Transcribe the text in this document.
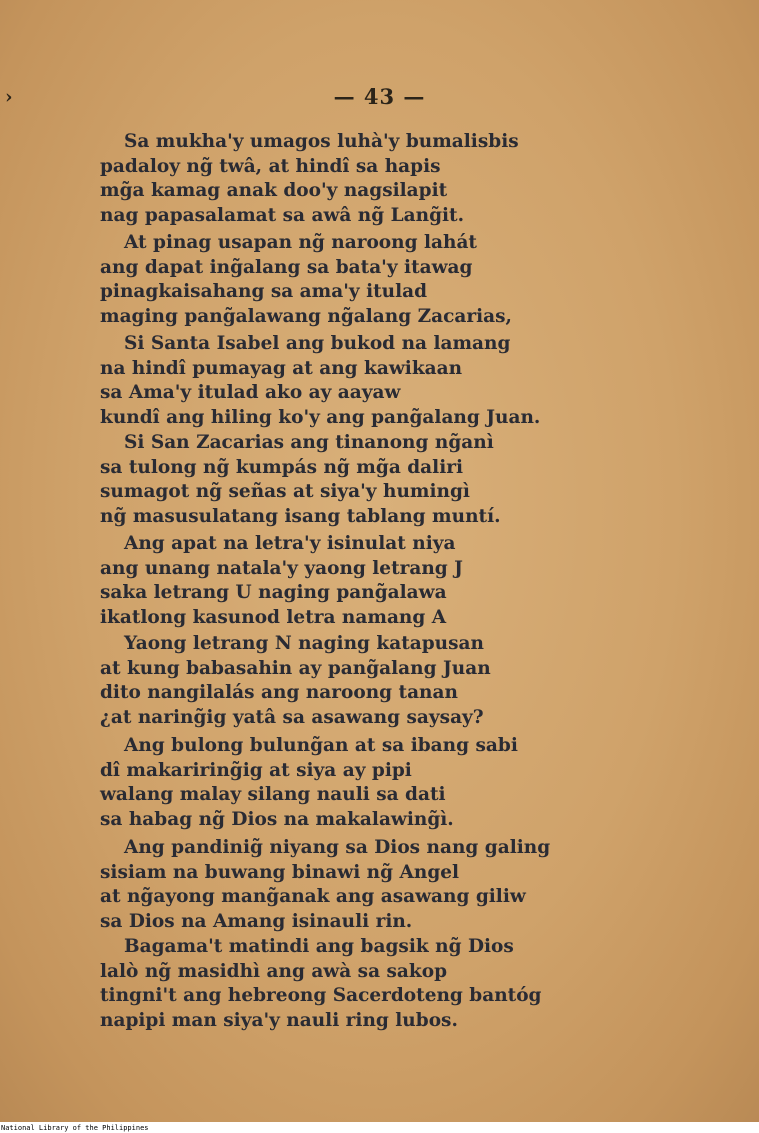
›	— 43 —
Sa mukha'y umagos luhà'y bumalisbis
padaloy ng̃ twâ, at hindî sa hapis
mg̃a kamag anak doo'y nagsilapit
nag papasalamat sa awâ ng̃ Lang̃it.
At pinag usapan ng̃ naroong lahát
ang dapat ing̃alang sa bata'y itawag
pinagkaisahang sa ama'y itulad
maging pang̃alawang ng̃alang Zacarias,
Si Santa Isabel ang bukod na lamang
na hindî pumayag at ang kawikaan
sa Ama'y itulad ako ay aayaw
kundî ang hiling ko'y ang pang̃alang Juan.
Si San Zacarias ang tinanong ng̃anì
sa tulong ng̃ kumpás ng̃ mg̃a daliri
sumagot ng̃ señas at siya'y humingì
ng̃ masusulatang isang tablang muntí.
Ang apat na letra'y isinulat niya
ang unang natala'y yaong letrang J
saka letrang U naging pang̃alawa
ikatlong kasunod letra namang A
Yaong letrang N naging katapusan
at kung babasahin ay pang̃alang Juan
dito nangilalás ang naroong tanan
¿at naring̃ig yatâ sa asawang saysay?
Ang bulong bulung̃an at sa ibang sabi
dî makariring̃ig at siya ay pipi
walang malay silang nauli sa dati
sa habag ng̃ Dios na makalawing̃ì.
Ang pandinig̃ niyang sa Dios nang galing
sisiam na buwang binawi ng̃ Angel
at ng̃ayong mang̃anak ang asawang giliw
sa Dios na Amang isinauli rin.
Bagama't matindi ang bagsik ng̃ Dios
lalò ng̃ masidhì ang awà sa sakop
tingni't ang hebreong Sacerdoteng bantóg
napipi man siya'y nauli ring lubos.
National Library of the Philippines
